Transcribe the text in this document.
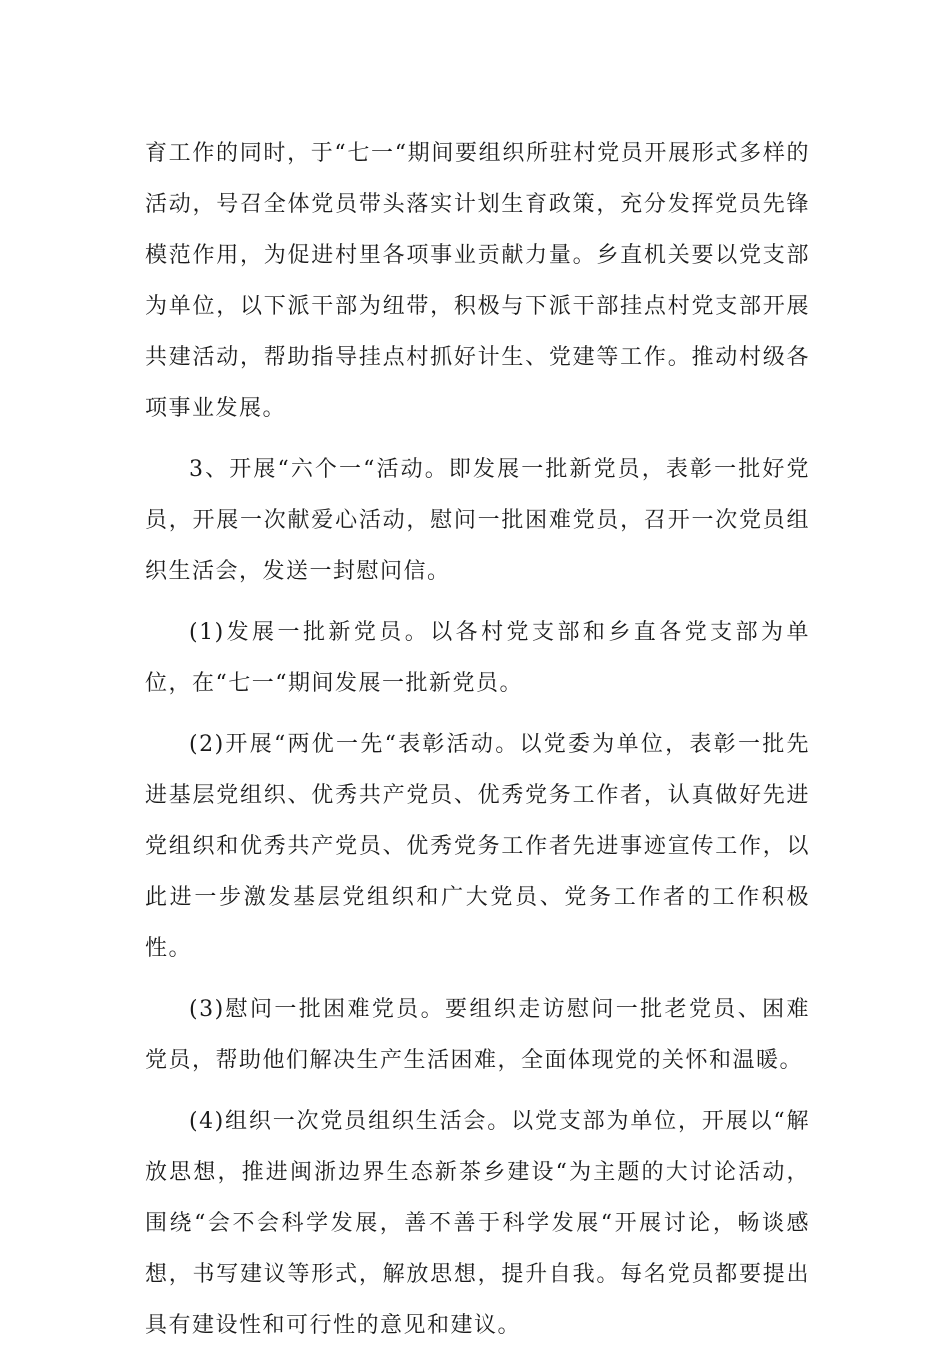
育工作的同时，于“七一“期间要组织所驻村党员开展形式多样的活动，号召全体党员带头落实计划生育政策，充分发挥党员先锋模范作用，为促进村里各项事业贡献力量。乡直机关要以党支部为单位，以下派干部为纽带，积极与下派干部挂点村党支部开展共建活动，帮助指导挂点村抓好计生、党建等工作。推动村级各项事业发展。

3、开展“六个一“活动。即发展一批新党员，表彰一批好党员，开展一次献爱心活动，慰问一批困难党员，召开一次党员组织生活会，发送一封慰问信。

(1)发展一批新党员。以各村党支部和乡直各党支部为单位，在“七一“期间发展一批新党员。

(2)开展“两优一先“表彰活动。以党委为单位，表彰一批先进基层党组织、优秀共产党员、优秀党务工作者，认真做好先进党组织和优秀共产党员、优秀党务工作者先进事迹宣传工作，以此进一步激发基层党组织和广大党员、党务工作者的工作积极性。

(3)慰问一批困难党员。要组织走访慰问一批老党员、困难党员，帮助他们解决生产生活困难，全面体现党的关怀和温暖。

(4)组织一次党员组织生活会。以党支部为单位，开展以“解放思想，推进闽浙边界生态新茶乡建设“为主题的大讨论活动，围绕“会不会科学发展，善不善于科学发展“开展讨论，畅谈感想，书写建议等形式，解放思想，提升自我。每名党员都要提出具有建设性和可行性的意见和建议。
